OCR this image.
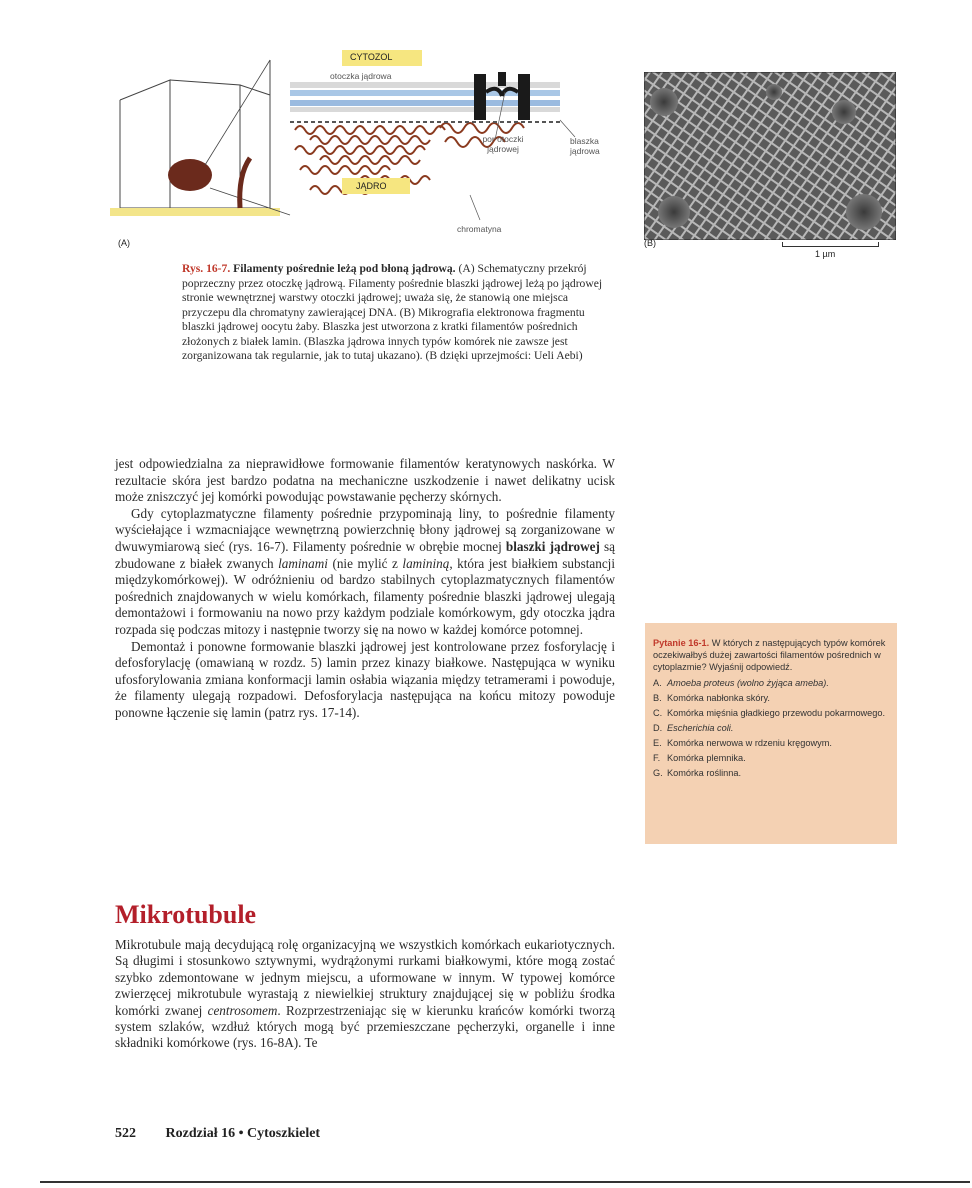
CYTOZOL
otoczka jądrowa
por otoczki jądrowej
blaszka jądrowa
JĄDRO
chromatyna
(A)
1 µm
(B)
Rys. 16-7. Filamenty pośrednie leżą pod błoną jądrową. (A) Schematyczny przekrój poprzeczny przez otoczkę jądrową. Filamenty pośrednie blaszki jądrowej leżą po jądrowej stronie wewnętrznej warstwy otoczki jądrowej; uważa się, że stanowią one miejsca przyczepu dla chromatyny zawierającej DNA. (B) Mikrografia elektronowa fragmentu blaszki jądrowej oocytu żaby. Blaszka jest utworzona z kratki filamentów pośrednich złożonych z białek lamin. (Blaszka jądrowa innych typów komórek nie zawsze jest zorganizowana tak regularnie, jak to tutaj ukazano). (B dzięki uprzejmości: Ueli Aebi)

jest odpowiedzialna za nieprawidłowe formowanie filamentów keratynowych naskórka. W rezultacie skóra jest bardzo podatna na mechaniczne uszkodzenie i nawet delikatny ucisk może zniszczyć jej komórki powodując powstawanie pęcherzy skórnych.

Gdy cytoplazmatyczne filamenty pośrednie przypominają liny, to pośrednie filamenty wyściełające i wzmacniające wewnętrzną powierzchnię błony jądrowej są zorganizowane w dwuwymiarową sieć (rys. 16-7). Filamenty pośrednie w obrębie mocnej blaszki jądrowej są zbudowane z białek zwanych laminami (nie mylić z lamininą, która jest białkiem substancji międzykomórkowej). W odróżnieniu od bardzo stabilnych cytoplazmatycznych filamentów pośrednich znajdowanych w wielu komórkach, filamenty pośrednie blaszki jądrowej ulegają demontażowi i formowaniu na nowo przy każdym podziale komórkowym, gdy otoczka jądra rozpada się podczas mitozy i następnie tworzy się na nowo w każdej komórce potomnej.

Demontaż i ponowne formowanie blaszki jądrowej jest kontrolowane przez fosforylację i defosforylację (omawianą w rozdz. 5) lamin przez kinazy białkowe. Następująca w wyniku ufosforylowania zmiana konformacji lamin osłabia wiązania między tetramerami i powoduje, że filamenty ulegają rozpadowi. Defosforylacja następująca na końcu mitozy powoduje ponowne łączenie się lamin (patrz rys. 17-14).

Pytanie 16-1. W których z następujących typów komórek oczekiwałbyś dużej zawartości filamentów pośrednich w cytoplazmie? Wyjaśnij odpowiedź.
A. Amoeba proteus (wolno żyjąca ameba).
B. Komórka nabłonka skóry.
C. Komórka mięśnia gładkiego przewodu pokarmowego.
D. Escherichia coli.
E. Komórka nerwowa w rdzeniu kręgowym.
F. Komórka plemnika.
G. Komórka roślinna.
Mikrotubule

Mikrotubule mają decydującą rolę organizacyjną we wszystkich komórkach eukariotycznych. Są długimi i stosunkowo sztywnymi, wydrążonymi rurkami białkowymi, które mogą zostać szybko zdemontowane w jednym miejscu, a uformowane w innym. W typowej komórce zwierzęcej mikrotubule wyrastają z niewielkiej struktury znajdującej się w pobliżu środka komórki zwanej centrosomem. Rozprzestrzeniając się w kierunku krańców komórki tworzą system szlaków, wzdłuż których mogą być przemieszczane pęcherzyki, organelle i inne składniki komórkowe (rys. 16-8A). Te

522 Rozdział 16 • Cytoszkielet
